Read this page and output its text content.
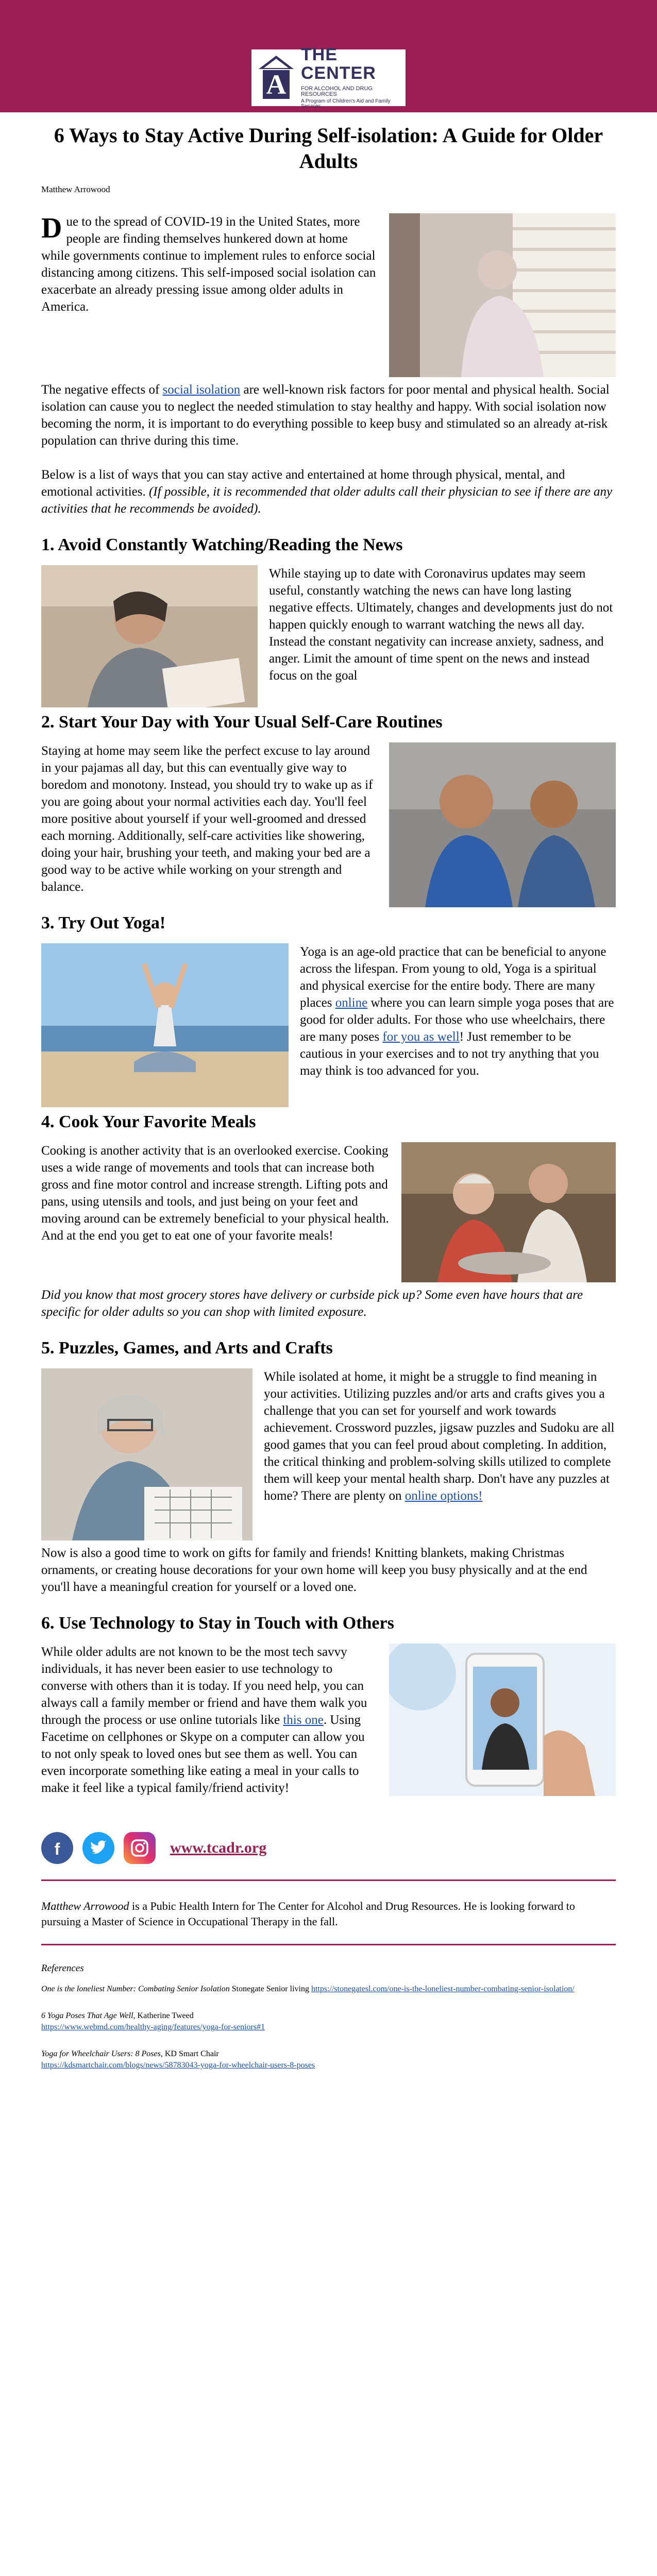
A
THE CENTER
FOR ALCOHOL AND DRUG RESOURCES
A Program of Children's Aid and Family Services
6 Ways to Stay Active During Self-isolation: A Guide for Older Adults
Matthew Arrowood

Due to the spread of COVID-19 in the United States, more people are finding themselves hunkered down at home while governments continue to implement rules to enforce social distancing among citizens. This self-imposed social isolation can exacerbate an already pressing issue among older adults in America.

The negative effects of social isolation are well-known risk factors for poor mental and physical health. Social isolation can cause you to neglect the needed stimulation to stay healthy and happy. With social isolation now becoming the norm, it is important to do everything possible to keep busy and stimulated so an already at-risk population can thrive during this time.

Below is a list of ways that you can stay active and entertained at home through physical, mental, and emotional activities. (If possible, it is recommended that older adults call their physician to see if there are any activities that he recommends be avoided).

1. Avoid Constantly Watching/Reading the News

While staying up to date with Coronavirus updates may seem useful, constantly watching the news can have long lasting negative effects. Ultimately, changes and developments just do not happen quickly enough to warrant watching the news all day. Instead the constant negativity can increase anxiety, sadness, and anger. Limit the amount of time spent on the news and instead focus on the goal

2. Start Your Day with Your Usual Self-Care Routines

Staying at home may seem like the perfect excuse to lay around in your pajamas all day, but this can eventually give way to boredom and monotony. Instead, you should try to wake up as if you are going about your normal activities each day. You'll feel more positive about yourself if your well-groomed and dressed each morning. Additionally, self-care activities like showering, doing your hair, brushing your teeth, and making your bed are a good way to be active while working on your strength and balance.

3. Try Out Yoga!

Yoga is an age-old practice that can be beneficial to anyone across the lifespan. From young to old, Yoga is a spiritual and physical exercise for the entire body. There are many places online where you can learn simple yoga poses that are good for older adults. For those who use wheelchairs, there are many poses for you as well! Just remember to be cautious in your exercises and to not try anything that you may think is too advanced for you.

4. Cook Your Favorite Meals

Cooking is another activity that is an overlooked exercise. Cooking uses a wide range of movements and tools that can increase both gross and fine motor control and increase strength. Lifting pots and pans, using utensils and tools, and just being on your feet and moving around can be extremely beneficial to your physical health. And at the end you get to eat one of your favorite meals!

Did you know that most grocery stores have delivery or curbside pick up? Some even have hours that are specific for older adults so you can shop with limited exposure.

5. Puzzles, Games, and Arts and Crafts

While isolated at home, it might be a struggle to find meaning in your activities. Utilizing puzzles and/or arts and crafts gives you a challenge that you can set for yourself and work towards achievement. Crossword puzzles, jigsaw puzzles and Sudoku are all good games that you can feel proud about completing. In addition, the critical thinking and problem-solving skills utilized to complete them will keep your mental health sharp. Don't have any puzzles at home? There are plenty on online options!

Now is also a good time to work on gifts for family and friends! Knitting blankets, making Christmas ornaments, or creating house decorations for your own home will keep you busy physically and at the end you'll have a meaningful creation for yourself or a loved one.

6. Use Technology to Stay in Touch with Others

While older adults are not known to be the most tech savvy individuals, it has never been easier to use technology to converse with others than it is today. If you need help, you can always call a family member or friend and have them walk you through the process or use online tutorials like this one. Using Facetime on cellphones or Skype on a computer can allow you to not only speak to loved ones but see them as well. You can even incorporate something like eating a meal in your calls to make it feel like a typical family/friend activity!

f	www.tcadr.org
Matthew Arrowood is a Pubic Health Intern for The Center for Alcohol and Drug Resources. He is looking forward to pursuing a Master of Science in Occupational Therapy in the fall.
References
One is the loneliest Number: Combating Senior Isolation Stonegate Senior living https://stonegatesl.com/one-is-the-loneliest-number-combating-senior-isolation/
6 Yoga Poses That Age Well, Katherine Tweed
https://www.webmd.com/healthy-aging/features/yoga-for-seniors#1
Yoga for Wheelchair Users: 8 Poses, KD Smart Chair
https://kdsmartchair.com/blogs/news/58783043-yoga-for-wheelchair-users-8-poses
